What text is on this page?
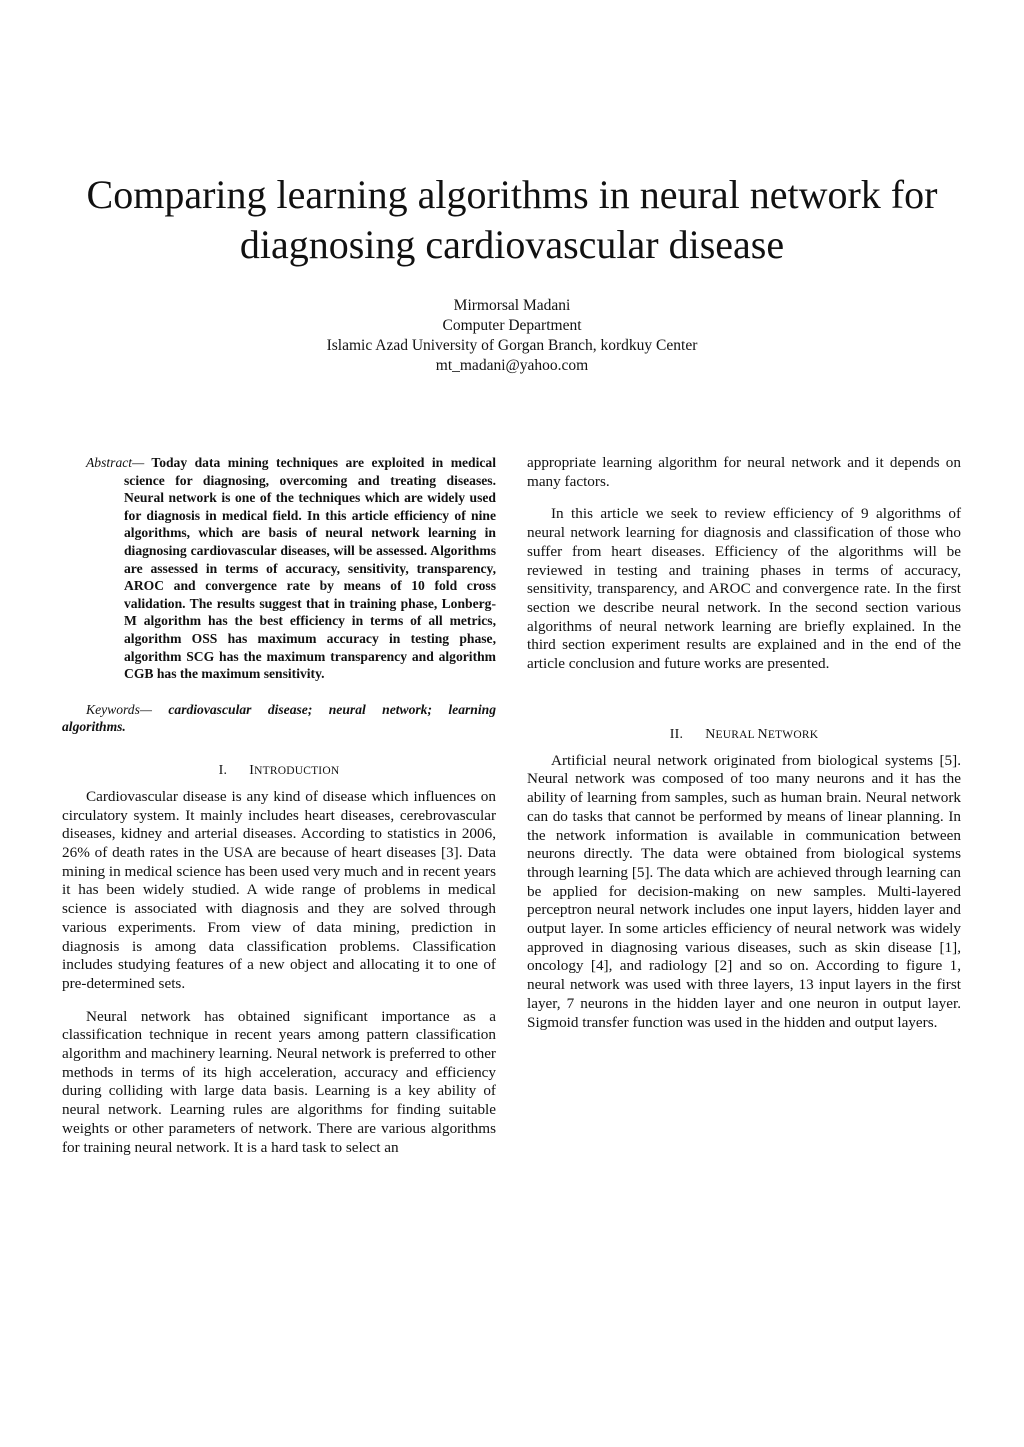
Comparing learning algorithms in neural network for diagnosing cardiovascular disease
Mirmorsal Madani
Computer Department
Islamic Azad University of Gorgan Branch, kordkuy Center
mt_madani@yahoo.com

Abstract— Today data mining techniques are exploited in medical science for diagnosing, overcoming and treating diseases. Neural network is one of the techniques which are widely used for diagnosis in medical field. In this article efficiency of nine algorithms, which are basis of neural network learning in diagnosing cardiovascular diseases, will be assessed. Algorithms are assessed in terms of accuracy, sensitivity, transparency, AROC and convergence rate by means of 10 fold cross validation. The results suggest that in training phase, Lonberg-M algorithm has the best efficiency in terms of all metrics, algorithm OSS has maximum accuracy in testing phase, algorithm SCG has the maximum transparency and algorithm CGB has the maximum sensitivity.

Keywords— cardiovascular disease; neural network; learning algorithms.

I. INTRODUCTION

Cardiovascular disease is any kind of disease which influences on circulatory system. It mainly includes heart diseases, cerebrovascular diseases, kidney and arterial diseases. According to statistics in 2006, 26% of death rates in the USA are because of heart diseases [3]. Data mining in medical science has been used very much and in recent years it has been widely studied. A wide range of problems in medical science is associated with diagnosis and they are solved through various experiments. From view of data mining, prediction in diagnosis is among data classification problems. Classification includes studying features of a new object and allocating it to one of pre-determined sets.

Neural network has obtained significant importance as a classification technique in recent years among pattern classification algorithm and machinery learning. Neural network is preferred to other methods in terms of its high acceleration, accuracy and efficiency during colliding with large data basis. Learning is a key ability of neural network. Learning rules are algorithms for finding suitable weights or other parameters of network. There are various algorithms for training neural network. It is a hard task to select an

appropriate learning algorithm for neural network and it depends on many factors.

In this article we seek to review efficiency of 9 algorithms of neural network learning for diagnosis and classification of those who suffer from heart diseases. Efficiency of the algorithms will be reviewed in testing and training phases in terms of accuracy, sensitivity, transparency, and AROC and convergence rate. In the first section we describe neural network. In the second section various algorithms of neural network learning are briefly explained. In the third section experiment results are explained and in the end of the article conclusion and future works are presented.

II. NEURAL NETWORK

Artificial neural network originated from biological systems [5]. Neural network was composed of too many neurons and it has the ability of learning from samples, such as human brain. Neural network can do tasks that cannot be performed by means of linear planning. In the network information is available in communication between neurons directly. The data were obtained from biological systems through learning [5]. The data which are achieved through learning can be applied for decision-making on new samples. Multi-layered perceptron neural network includes one input layers, hidden layer and output layer. In some articles efficiency of neural network was widely approved in diagnosing various diseases, such as skin disease [1], oncology [4], and radiology [2] and so on. According to figure 1, neural network was used with three layers, 13 input layers in the first layer, 7 neurons in the hidden layer and one neuron in output layer. Sigmoid transfer function was used in the hidden and output layers.
